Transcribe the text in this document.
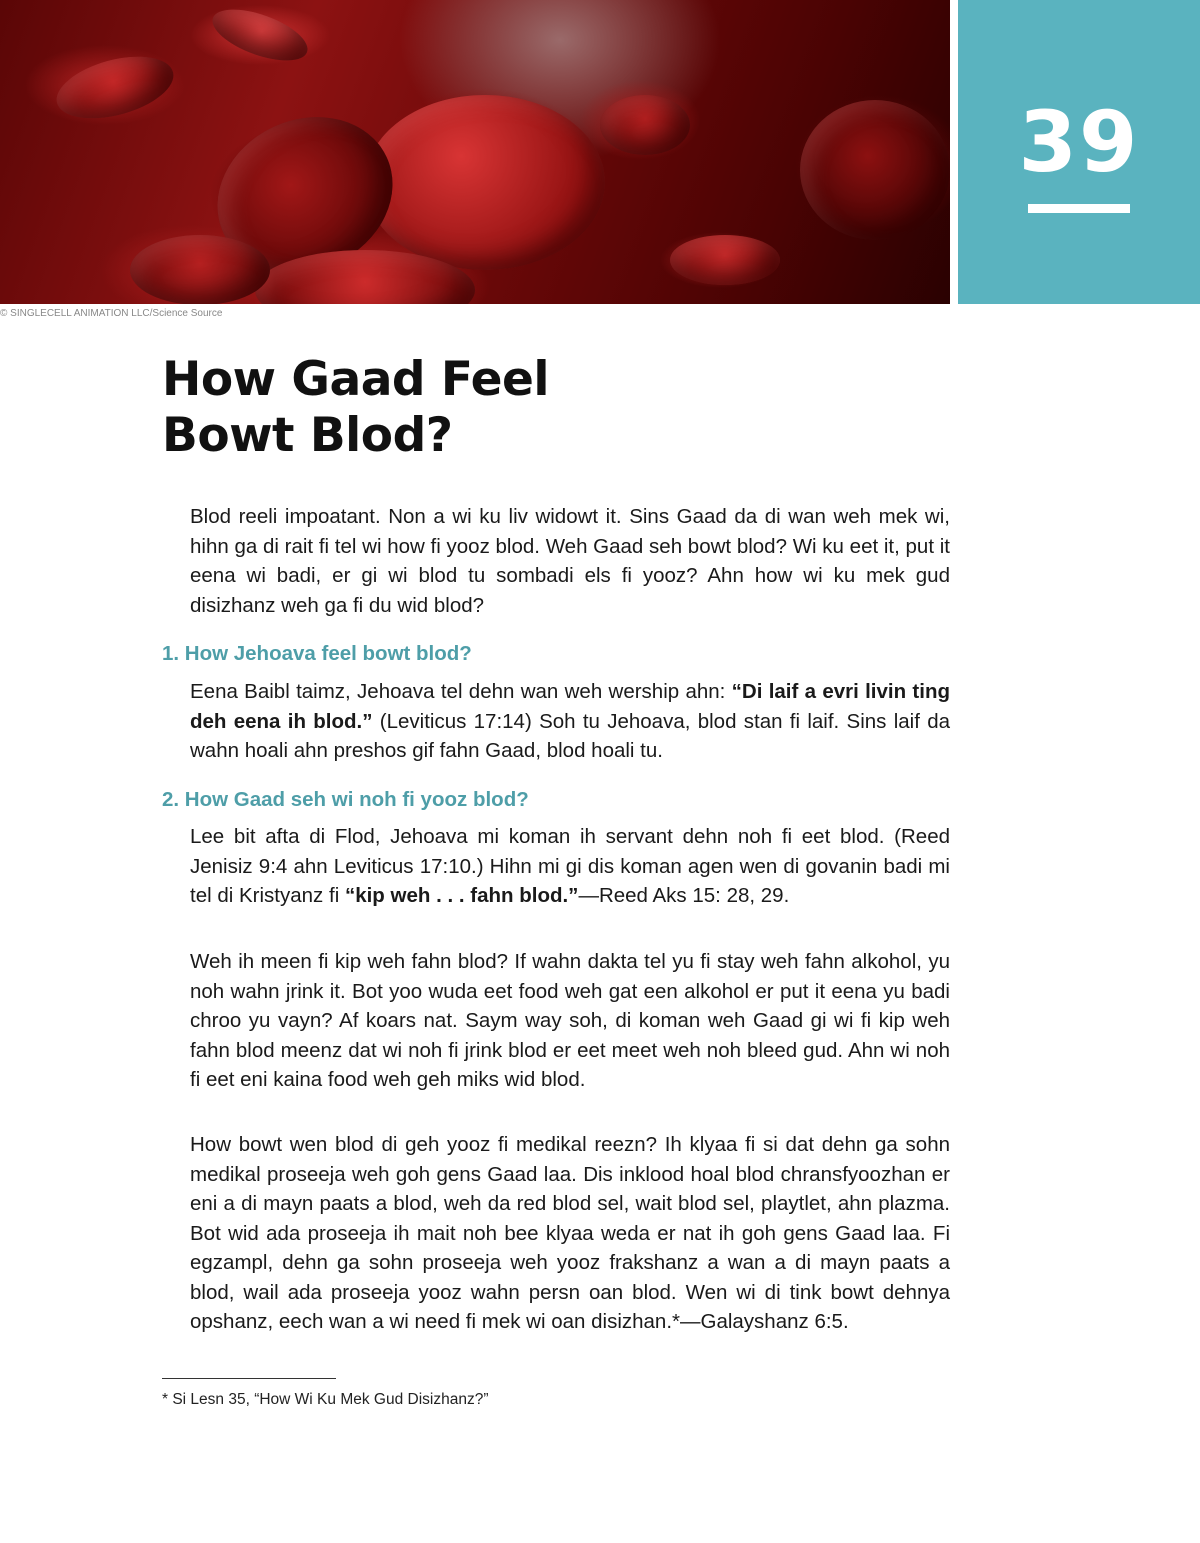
39
© SINGLECELL ANIMATION LLC/Science Source
How Gaad Feel
Bowt Blod?

Blod reeli impoatant. Non a wi ku liv widowt it. Sins Gaad da di wan weh mek wi, hihn ga di rait fi tel wi how fi yooz blod. Weh Gaad seh bowt blod? Wi ku eet it, put it eena wi badi, er gi wi blod tu sombadi els fi yooz? Ahn how wi ku mek gud disizhanz weh ga fi du wid blod?

1. How Jehoava feel bowt blod?

Eena Baibl taimz, Jehoava tel dehn wan weh wership ahn: “Di laif a evri livin ting deh eena ih blod.” (Leviticus 17:14) Soh tu Jehoava, blod stan fi laif. Sins laif da wahn hoali ahn preshos gif fahn Gaad, blod hoali tu.

2. How Gaad seh wi noh fi yooz blod?

Lee bit afta di Flod, Jehoava mi koman ih servant dehn noh fi eet blod. (Reed Jenisiz 9:4 ahn Leviticus 17:10.) Hihn mi gi dis koman agen wen di govanin badi mi tel di Kristyanz fi “kip weh . . . fahn blod.”—Reed Aks 15: 28, 29.

Weh ih meen fi kip weh fahn blod? If wahn dakta tel yu fi stay weh fahn alkohol, yu noh wahn jrink it. Bot yoo wuda eet food weh gat een alkohol er put it eena yu badi chroo yu vayn? Af koars nat. Saym way soh, di koman weh Gaad gi wi fi kip weh fahn blod meenz dat wi noh fi jrink blod er eet meet weh noh bleed gud. Ahn wi noh fi eet eni kaina food weh geh miks wid blod.

How bowt wen blod di geh yooz fi medikal reezn? Ih klyaa fi si dat dehn ga sohn medikal proseeja weh goh gens Gaad laa. Dis inklood hoal blod chransfyoozhan er eni a di mayn paats a blod, weh da red blod sel, wait blod sel, playtlet, ahn plazma. Bot wid ada proseeja ih mait noh bee klyaa weda er nat ih goh gens Gaad laa. Fi egzampl, dehn ga sohn proseeja weh yooz frakshanz a wan a di mayn paats a blod, wail ada proseeja yooz wahn persn oan blod. Wen wi di tink bowt dehnya opshanz, eech wan a wi need fi mek wi oan disizhan.*—Galayshanz 6:5.

* Si Lesn 35, “How Wi Ku Mek Gud Disizhanz?”
